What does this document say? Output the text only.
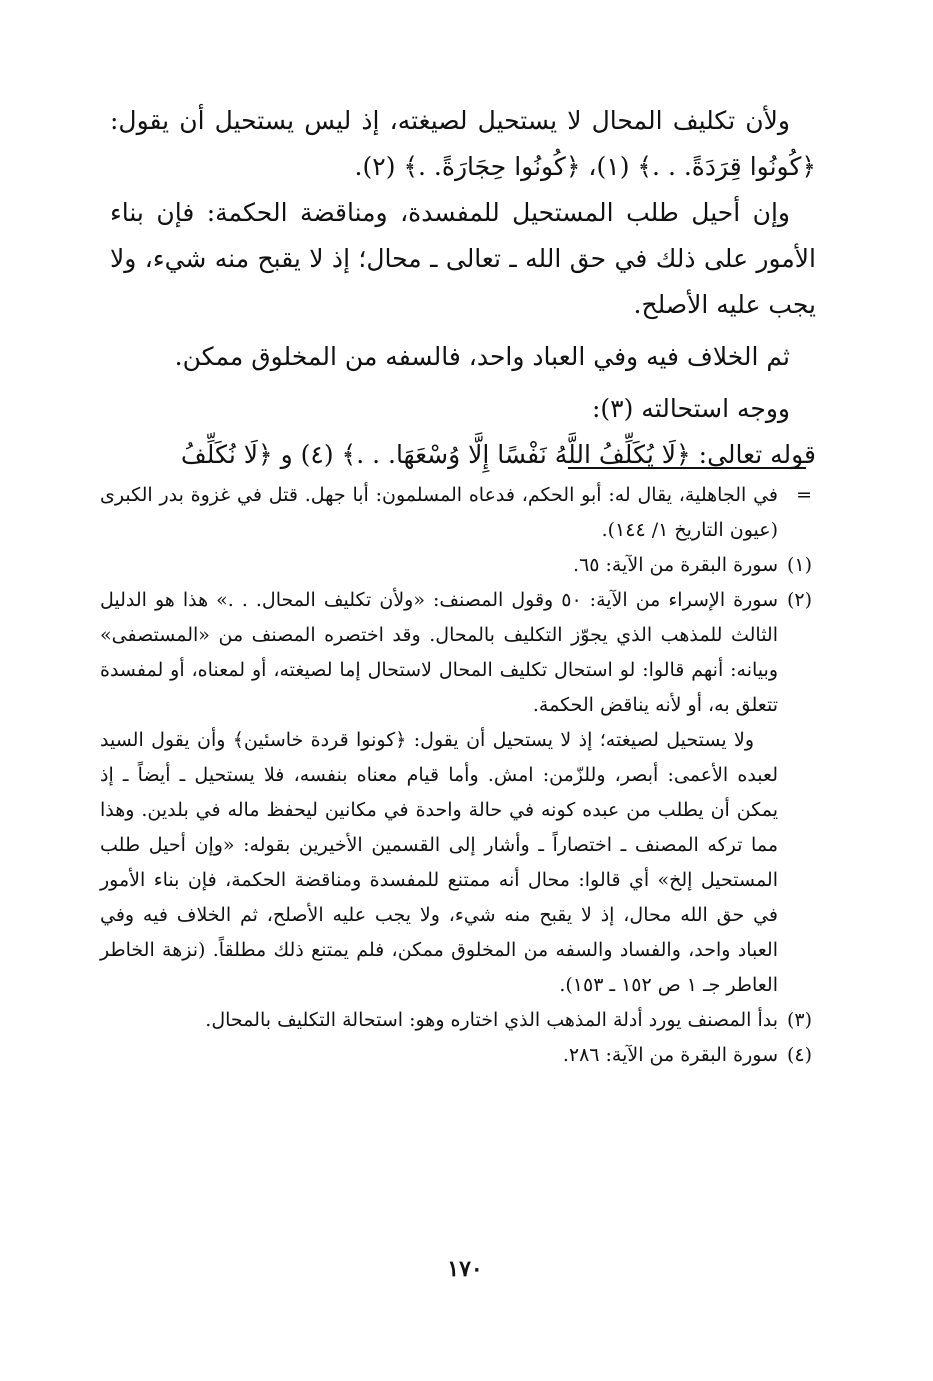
ولأن تكليف المحال لا يستحيل لصيغته، إذ ليس يستحيل أن يقول: ﴿كُونُوا قِرَدَةً. . .﴾ (١)، ﴿كُونُوا حِجَارَةً. .﴾ (٢).

وإن أحيل طلب المستحيل للمفسدة، ومناقضة الحكمة: فإن بناء الأمور على ذلك في حق الله ـ تعالى ـ محال؛ إذ لا يقبح منه شيء، ولا يجب عليه الأصلح.

ثم الخلاف فيه وفي العباد واحد، فالسفه من المخلوق ممكن.

ووجه استحالته (٣):

قوله تعالى: ﴿لَا يُكَلِّفُ اللَّهُ نَفْسًا إِلَّا وُسْعَهَا. . .﴾ (٤) و ﴿لَا نُكَلِّفُ

=
في الجاهلية، يقال له: أبو الحكم، فدعاه المسلمون: أبا جهل. قتل في غزوة بدر الكبرى (عيون التاريخ ١/ ١٤٤).
(١)
سورة البقرة من الآية: ٦٥.
(٢)
سورة الإسراء من الآية: ٥٠ وقول المصنف: «ولأن تكليف المحال. . .» هذا هو الدليل الثالث للمذهب الذي يجوّز التكليف بالمحال. وقد اختصره المصنف من «المستصفى» وبيانه: أنهم قالوا: لو استحال تكليف المحال لاستحال إما لصيغته، أو لمعناه، أو لمفسدة تتعلق به، أو لأنه يناقض الحكمة.

ولا يستحيل لصيغته؛ إذ لا يستحيل أن يقول: ﴿كونوا قردة خاسئين﴾ وأن يقول السيد لعبده الأعمى: أبصر، وللزّمن: امش. وأما قيام معناه بنفسه، فلا يستحيل ـ أيضاً ـ إذ يمكن أن يطلب من عبده كونه في حالة واحدة في مكانين ليحفظ ماله في بلدين. وهذا مما تركه المصنف ـ اختصاراً ـ وأشار إلى القسمين الأخيرين بقوله: «وإن أحيل طلب المستحيل إلخ» أي قالوا: محال أنه ممتنع للمفسدة ومناقضة الحكمة، فإن بناء الأمور في حق الله محال، إذ لا يقبح منه شيء، ولا يجب عليه الأصلح، ثم الخلاف فيه وفي العباد واحد، والفساد والسفه من المخلوق ممكن، فلم يمتنع ذلك مطلقاً. (نزهة الخاطر العاطر جـ ١ ص ١٥٢ ـ ١٥٣).

(٣)
بدأ المصنف يورد أدلة المذهب الذي اختاره وهو: استحالة التكليف بالمحال.
(٤)
سورة البقرة من الآية: ٢٨٦.
١٧٠
